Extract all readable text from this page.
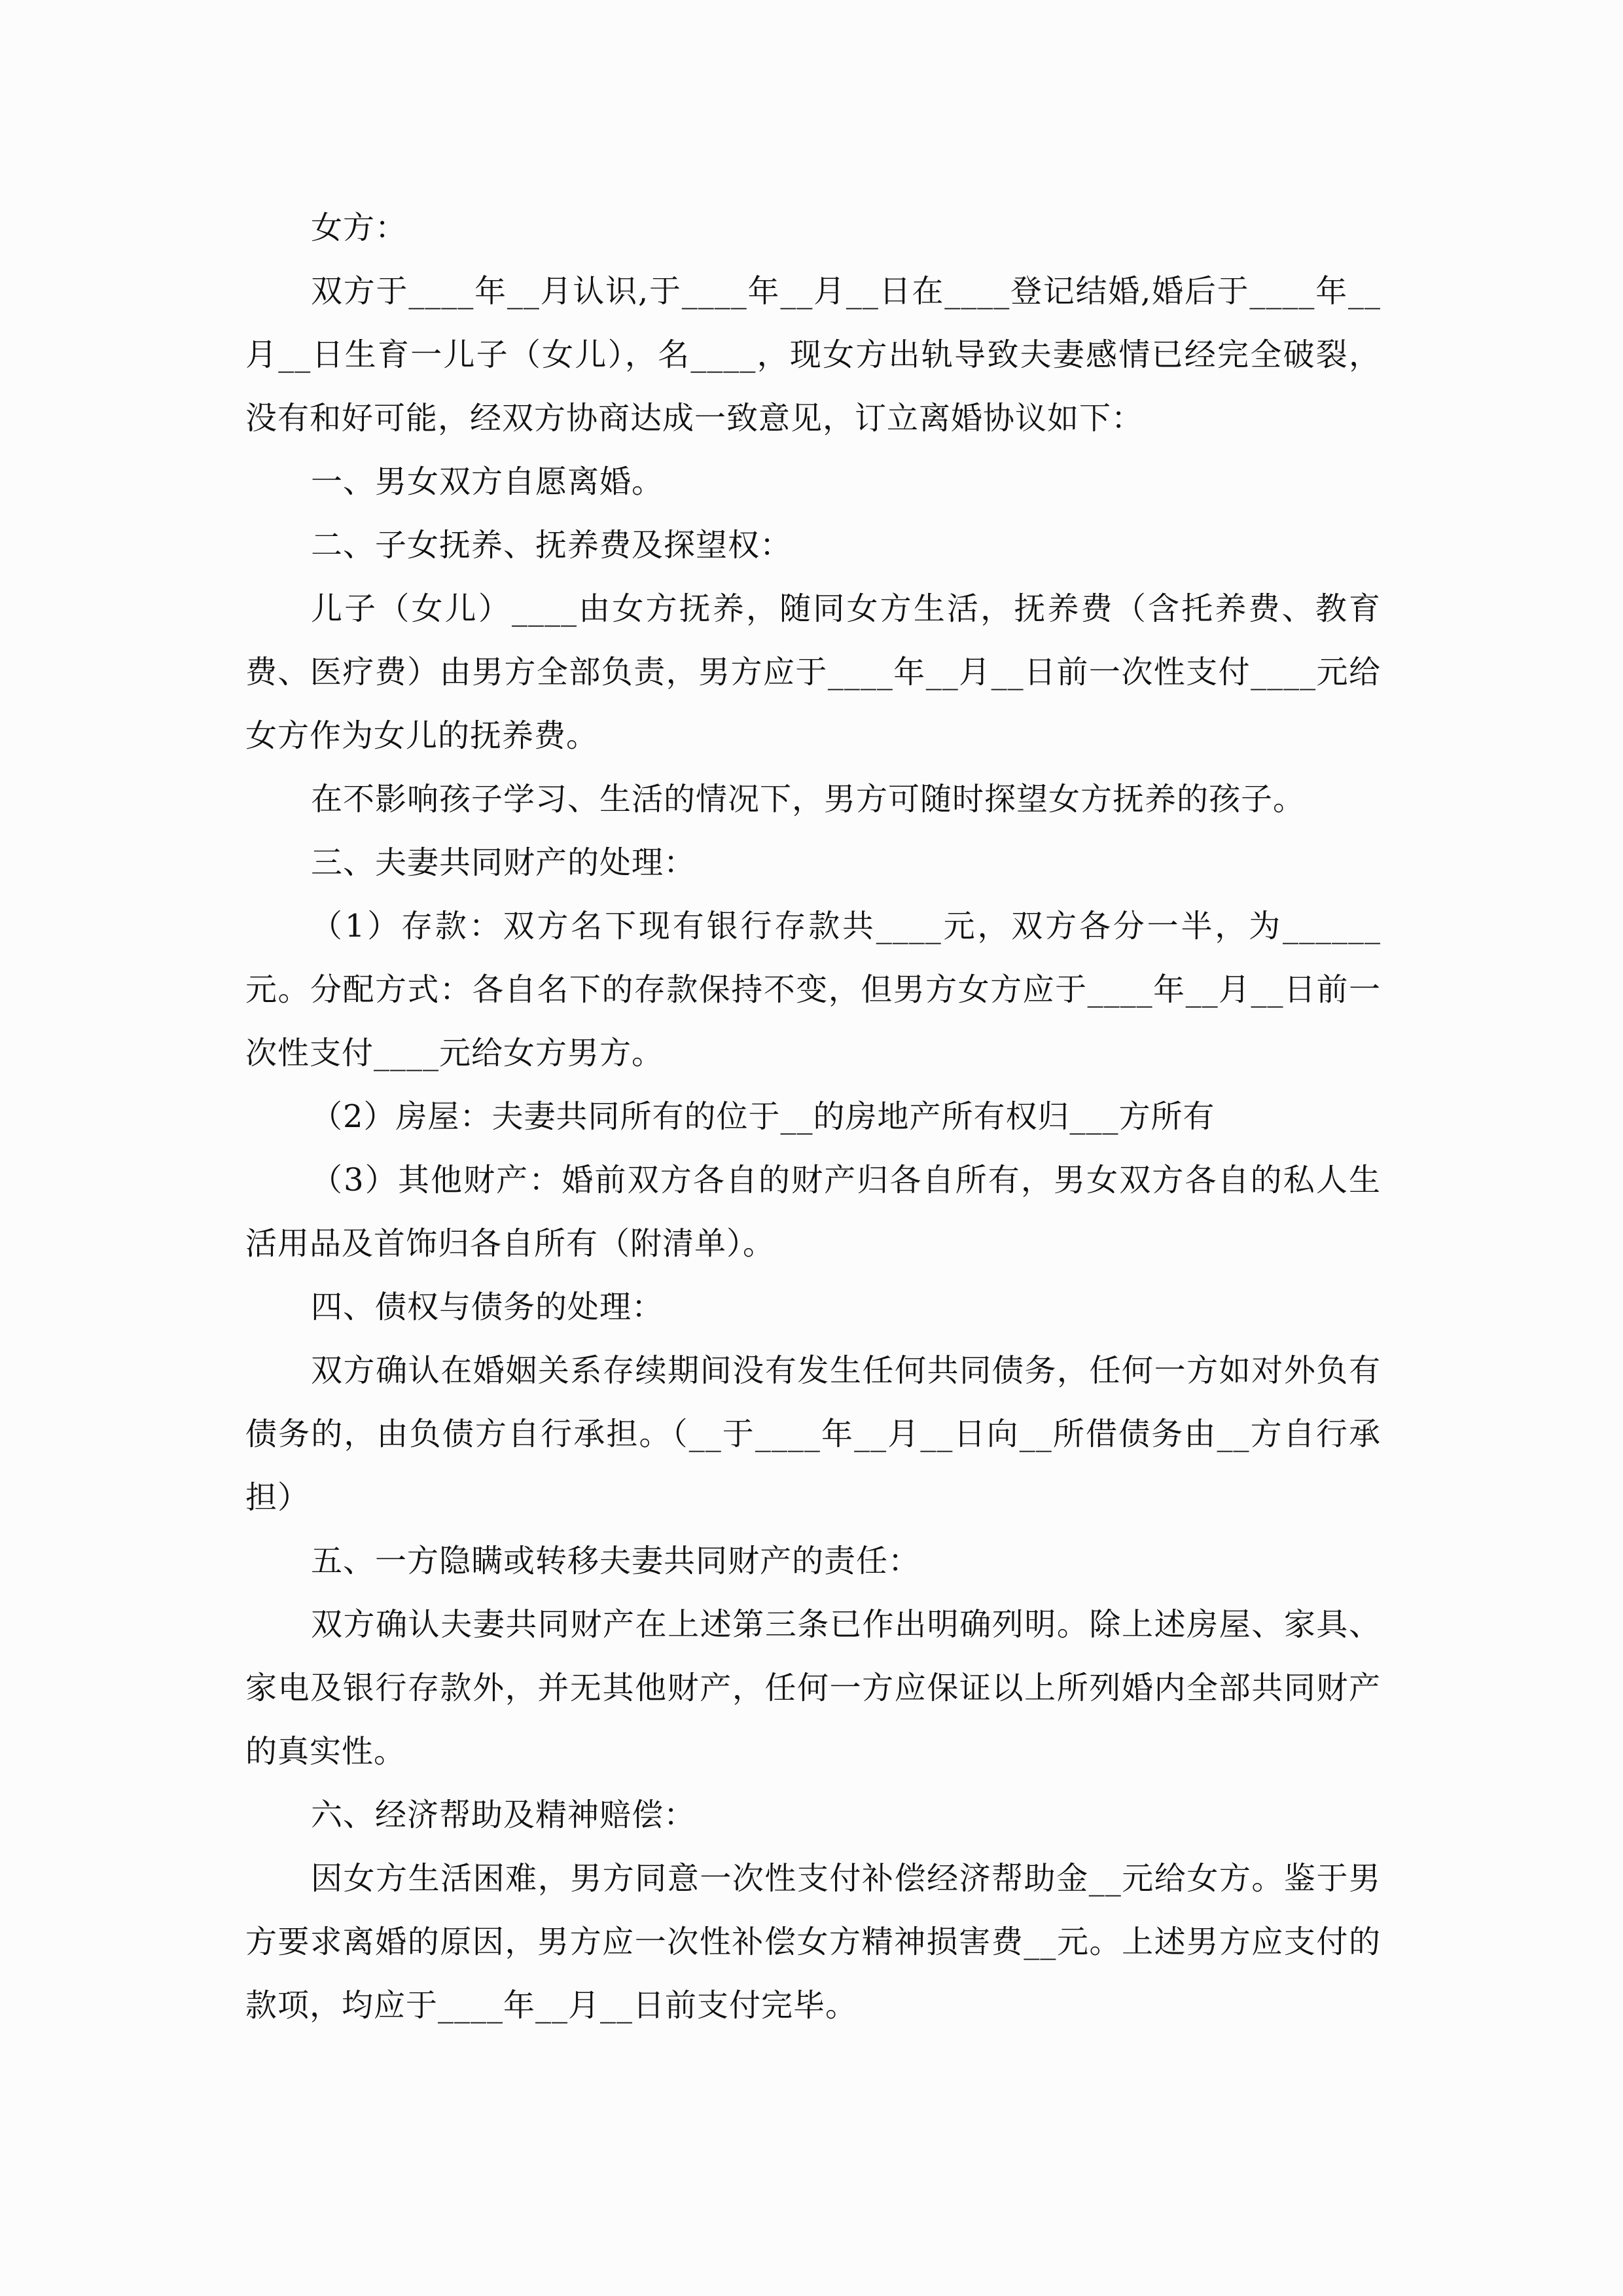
女方：

双方于____年__月认识,于____年__月__日在____登记结婚,婚后于____年__月__日生育一儿子（女儿），名____，现女方出轨导致夫妻感情已经完全破裂，没有和好可能，经双方协商达成一致意见，订立离婚协议如下：

一、男女双方自愿离婚。

二、子女抚养、抚养费及探望权：

儿子（女儿）____由女方抚养，随同女方生活，抚养费（含托养费、教育费、医疗费）由男方全部负责，男方应于____年__月__日前一次性支付____元给女方作为女儿的抚养费。

在不影响孩子学习、生活的情况下，男方可随时探望女方抚养的孩子。

三、夫妻共同财产的处理：

（1）存款：双方名下现有银行存款共____元，双方各分一半，为______元。分配方式：各自名下的存款保持不变，但男方女方应于____年__月__日前一次性支付____元给女方男方。

（2）房屋：夫妻共同所有的位于__的房地产所有权归___方所有

（3）其他财产：婚前双方各自的财产归各自所有，男女双方各自的私人生活用品及首饰归各自所有（附清单）。

四、债权与债务的处理：

双方确认在婚姻关系存续期间没有发生任何共同债务，任何一方如对外负有债务的，由负债方自行承担。（__于____年__月__日向__所借债务由__方自行承担）

五、一方隐瞒或转移夫妻共同财产的责任：

双方确认夫妻共同财产在上述第三条已作出明确列明。除上述房屋、家具、家电及银行存款外，并无其他财产，任何一方应保证以上所列婚内全部共同财产的真实性。

六、经济帮助及精神赔偿：

因女方生活困难，男方同意一次性支付补偿经济帮助金__元给女方。鉴于男方要求离婚的原因，男方应一次性补偿女方精神损害费__元。上述男方应支付的款项，均应于____年__月__日前支付完毕。
